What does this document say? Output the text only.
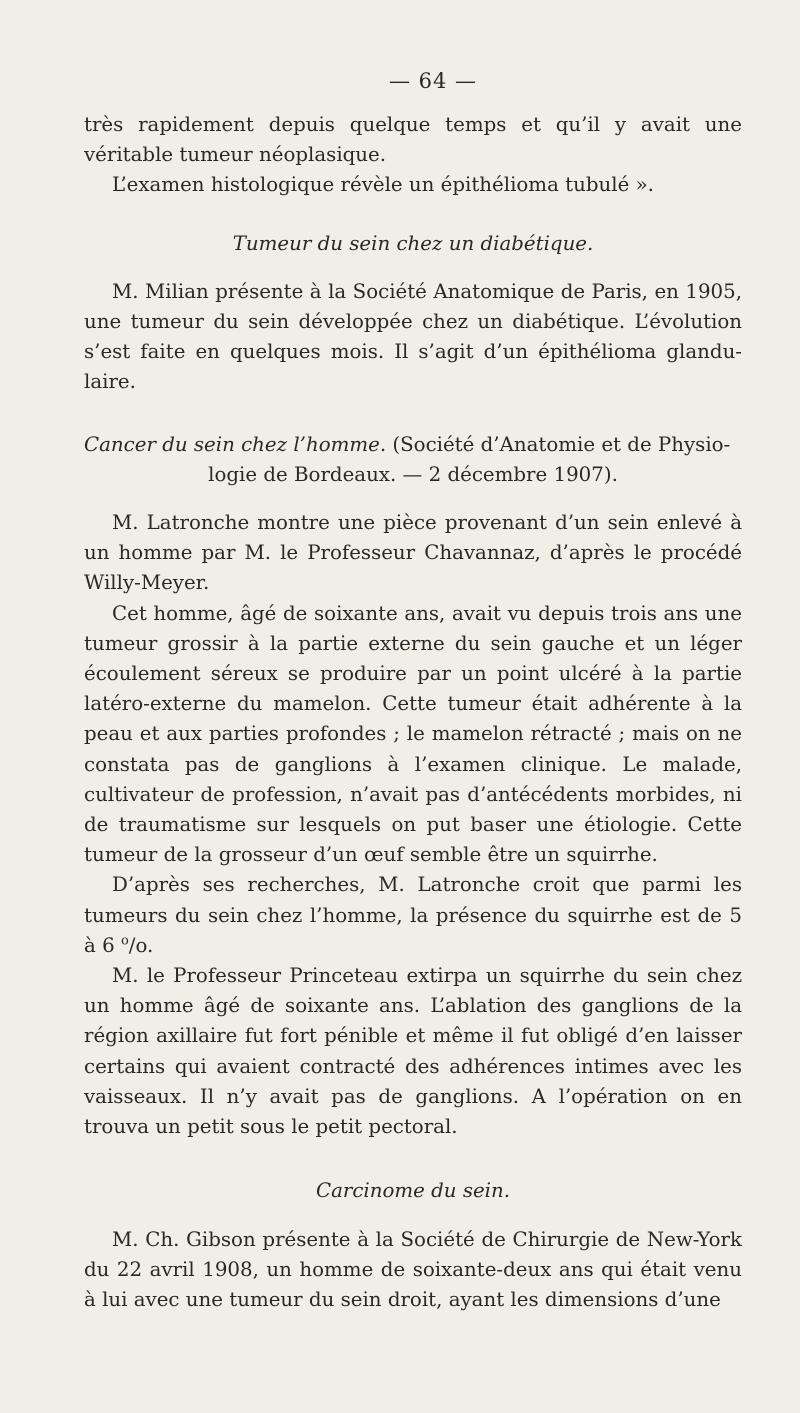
— 64 —

très rapidement depuis quelque temps et qu’il y avait une véritable tumeur néoplasique.

L’examen histologique révèle un épithélioma tubulé ».

Tumeur du sein chez un diabétique.

M. Milian présente à la Société Anatomique de Paris, en 1905, une tumeur du sein développée chez un diabétique. L’évolution s’est faite en quelques mois. Il s’agit d’un épithélioma glandu-laire.

Cancer du sein chez l’homme. (Société d’Anatomie et de Physio-
logie de Bordeaux. — 2 décembre 1907).

M. Latronche montre une pièce provenant d’un sein enlevé à un homme par M. le Professeur Chavannaz, d’après le procédé Willy-Meyer.

Cet homme, âgé de soixante ans, avait vu depuis trois ans une tumeur grossir à la partie externe du sein gauche et un léger écoulement séreux se produire par un point ulcéré à la partie latéro-externe du mamelon. Cette tumeur était adhérente à la peau et aux parties profondes ; le mamelon rétracté ; mais on ne constata pas de ganglions à l’examen clinique. Le malade, cultivateur de profession, n’avait pas d’antécédents morbides, ni de traumatisme sur lesquels on put baser une étiologie. Cette tumeur de la grosseur d’un œuf semble être un squirrhe.

D’après ses recherches, M. Latronche croit que parmi les tumeurs du sein chez l’homme, la présence du squirrhe est de 5 à 6 $^o$/o.

M. le Professeur Princeteau extirpa un squirrhe du sein chez un homme âgé de soixante ans. L’ablation des ganglions de la région axillaire fut fort pénible et même il fut obligé d’en laisser certains qui avaient contracté des adhérences intimes avec les vaisseaux. Il n’y avait pas de ganglions. A l’opération on en trouva un petit sous le petit pectoral.

Carcinome du sein.

M. Ch. Gibson présente à la Société de Chirurgie de New-York du 22 avril 1908, un homme de soixante-deux ans qui était venu à lui avec une tumeur du sein droit, ayant les dimensions d’une
